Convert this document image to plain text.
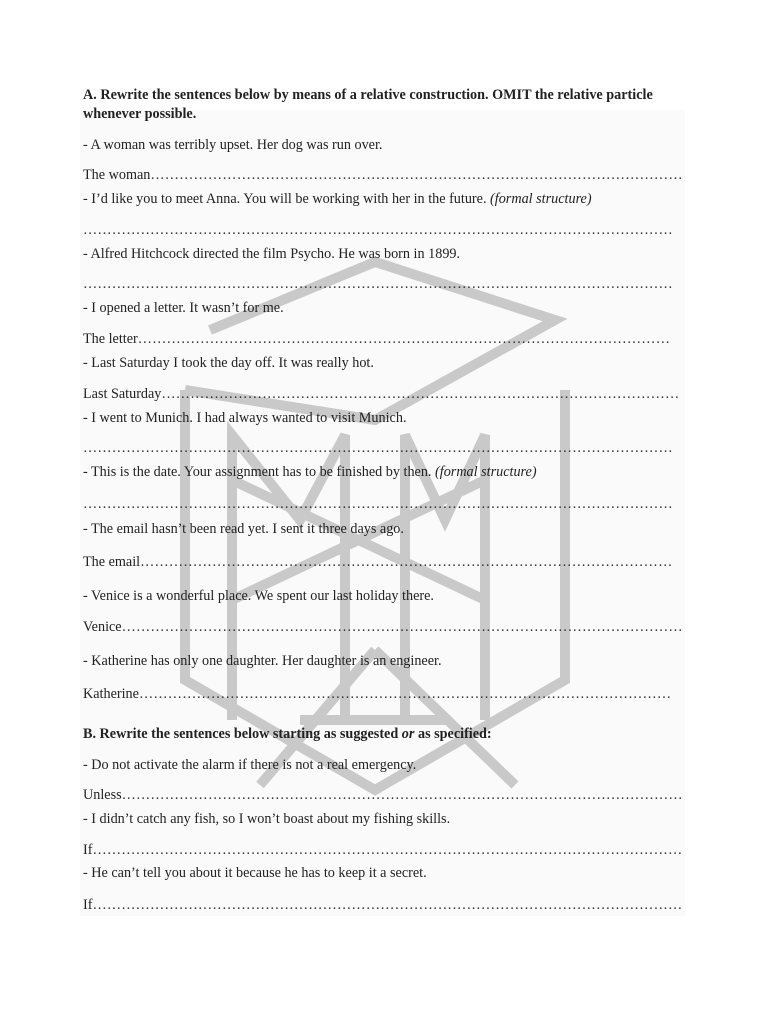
A. Rewrite the sentences below by means of a relative construction. OMIT the relative particle whenever possible.
- A woman was terribly upset. Her dog was run over.
The woman…………………………………………………………………………………………………
- I’d like you to meet Anna. You will be working with her in the future. (formal structure)
……………………………………………………………………………………………………………
- Alfred Hitchcock directed the film Psycho. He was born in 1899.
……………………………………………………………………………………………………………
- I opened a letter. It wasn’t for me.
The letter…………………………………………………………………………………………………
- Last Saturday I took the day off. It was really hot.
Last Saturday………………………………………………………………………………………………
- I went to Munich. I had always wanted to visit Munich.
……………………………………………………………………………………………………………
- This is the date. Your assignment has to be finished by then. (formal structure)
……………………………………………………………………………………………………………
- The email hasn’t been read yet. I sent it three days ago.
The email…………………………………………………………………………………………………
- Venice is a wonderful place. We spent our last holiday there.
Venice………………………………………………………………………………………………………
- Katherine has only one daughter. Her daughter is an engineer.
Katherine…………………………………………………………………………………………………
B. Rewrite the sentences below starting as suggested or as specified:
- Do not activate the alarm if there is not a real emergency.
Unless………………………………………………………………………………………………………
- I didn’t catch any fish, so I won’t boast about my fishing skills.
If……………………………………………………………………………………………………………
- He can’t tell you about it because he has to keep it a secret.
If……………………………………………………………………………………………………………
